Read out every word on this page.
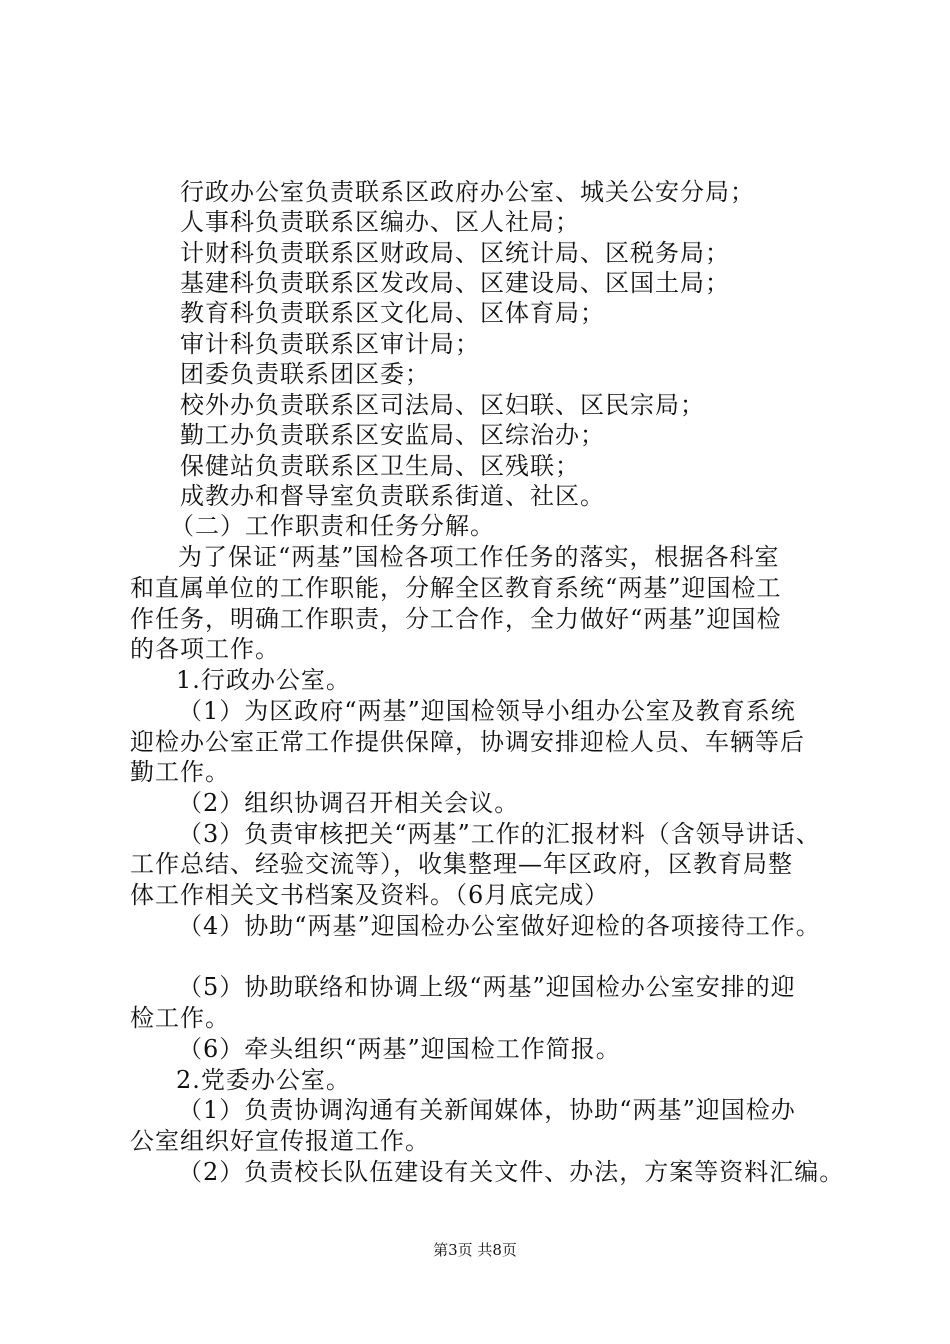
行政办公室负责联系区政府办公室、城关公安分局；
人事科负责联系区编办、区人社局；
计财科负责联系区财政局、区统计局、区税务局；
基建科负责联系区发改局、区建设局、区国土局；
教育科负责联系区文化局、区体育局；
审计科负责联系区审计局；
团委负责联系团区委；
校外办负责联系区司法局、区妇联、区民宗局；
勤工办负责联系区安监局、区综治办；
保健站负责联系区卫生局、区残联；
成教办和督导室负责联系街道、社区。
（二）工作职责和任务分解。
为了保证“两基”国检各项工作任务的落实，根据各科室
和直属单位的工作职能，分解全区教育系统“两基”迎国检工
作任务，明确工作职责，分工合作，全力做好“两基”迎国检
的各项工作。
1.行政办公室。
（1）为区政府“两基”迎国检领导小组办公室及教育系统
迎检办公室正常工作提供保障，协调安排迎检人员、车辆等后
勤工作。
（2）组织协调召开相关会议。
（3）负责审核把关“两基”工作的汇报材料（含领导讲话、
工作总结、经验交流等），收集整理—年区政府，区教育局整
体工作相关文书档案及资料。（6月底完成）
（4）协助“两基”迎国检办公室做好迎检的各项接待工作。
（5）协助联络和协调上级“两基”迎国检办公室安排的迎
检工作。
（6）牵头组织“两基”迎国检工作简报。
2.党委办公室。
（1）负责协调沟通有关新闻媒体，协助“两基”迎国检办
公室组织好宣传报道工作。
（2）负责校长队伍建设有关文件、办法，方案等资料汇编。
第3页 共8页
